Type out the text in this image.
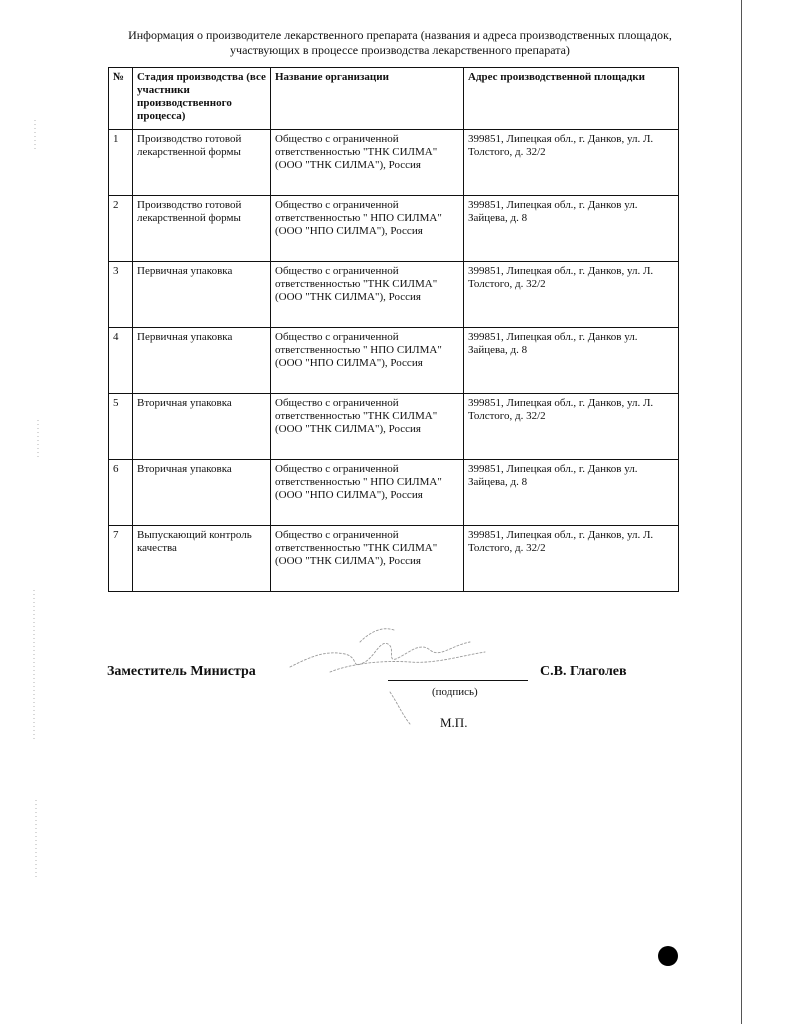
Информация о производителе лекарственного препарата (названия и адреса производственных площадок, участвующих в процессе производства лекарственного препарата)
№	Стадия производства (все участники производственного процесса)	Название организации	Адрес производственной площадки
1	Производство готовой лекарственной формы	Общество с ограниченной ответственностью "ТНК СИЛМА" (ООО "ТНК СИЛМА"), Россия	399851, Липецкая обл., г. Данков, ул. Л. Толстого, д. 32/2
2	Производство готовой лекарственной формы	Общество с ограниченной ответственностью " НПО СИЛМА" (ООО "НПО СИЛМА"), Россия	399851, Липецкая обл., г. Данков ул. Зайцева, д. 8
3	Первичная упаковка	Общество с ограниченной ответственностью "ТНК СИЛМА" (ООО "ТНК СИЛМА"), Россия	399851, Липецкая обл., г. Данков, ул. Л. Толстого, д. 32/2
4	Первичная упаковка	Общество с ограниченной ответственностью " НПО СИЛМА" (ООО "НПО СИЛМА"), Россия	399851, Липецкая обл., г. Данков ул. Зайцева, д. 8
5	Вторичная упаковка	Общество с ограниченной ответственностью "ТНК СИЛМА" (ООО "ТНК СИЛМА"), Россия	399851, Липецкая обл., г. Данков, ул. Л. Толстого, д. 32/2
6	Вторичная упаковка	Общество с ограниченной ответственностью " НПО СИЛМА" (ООО "НПО СИЛМА"), Россия	399851, Липецкая обл., г. Данков ул. Зайцева, д. 8
7	Выпускающий контроль качества	Общество с ограниченной ответственностью "ТНК СИЛМА" (ООО "ТНК СИЛМА"), Россия	399851, Липецкая обл., г. Данков, ул. Л. Толстого, д. 32/2
Заместитель Министра	С.В. Глаголев
(подпись)
М.П.
